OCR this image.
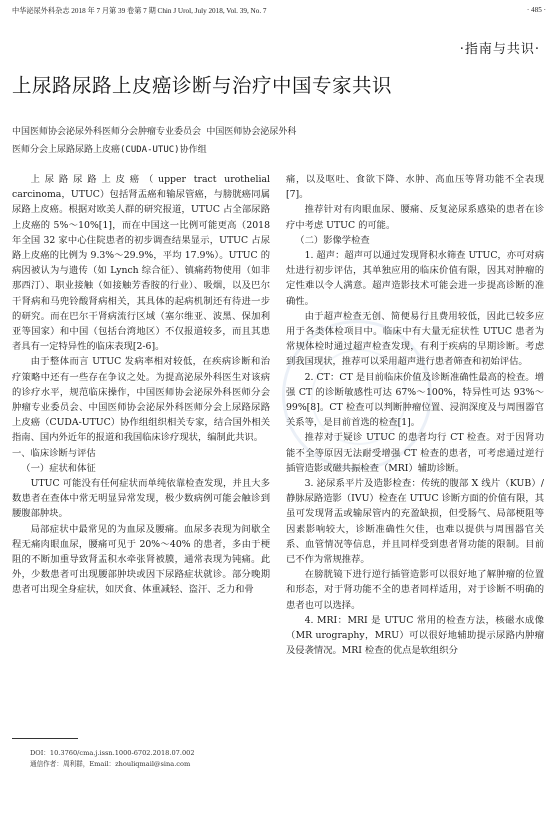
中华泌尿外科杂志 2018 年 7 月第 39 卷第 7 期 Chin J Urol, July 2018, Vol. 39, No. 7	· 485 ·
·指南与共识·
上尿路尿路上皮癌诊断与治疗中国专家共识
中国医师协会泌尿外科医师分会肿瘤专业委员会 中国医师协会泌尿外科
医师分会上尿路尿路上皮癌(CUDA-UTUC)协作组

上尿路尿路上皮癌（upper tract urothelial carcinoma，UTUC）包括肾盂癌和输尿管癌，与膀胱癌同属尿路上皮癌。根据对欧美人群的研究报道，UTUC 占全部尿路上皮癌的 5%～10%[1]，而在中国这一比例可能更高（2018 年全国 32 家中心住院患者的初步调查结果显示，UTUC 占尿路上皮癌的比例为 9.3%～29.9%，平均 17.9%）。UTUC 的病因被认为与遗传（如 Lynch 综合征）、镇痛药物使用（如非那西汀）、职业接触（如接触芳香胺的行业）、吸烟，以及巴尔干肾病和马兜铃酸肾病相关，其具体的起病机制还有待进一步的研究。而在巴尔干肾病流行区域（塞尔维亚、波黑、保加利亚等国家）和中国（包括台湾地区）不仅报道较多，而且其患者具有一定特异性的临床表现[2-6]。

由于整体而言 UTUC 发病率相对较低，在疾病诊断和治疗策略中还有一些存在争议之处。为提高泌尿外科医生对该病的诊疗水平，规范临床操作，中国医师协会泌尿外科医师分会肿瘤专业委员会、中国医师协会泌尿外科医师分会上尿路尿路上皮癌（CUDA-UTUC）协作组组织相关专家，结合国外相关指南、国内外近年的报道和我国临床诊疗现状，编制此共识。

一、临床诊断与评估

（一）症状和体征

UTUC 可能没有任何症状而单纯依靠检查发现，并且大多数患者在查体中常无明显异常发现，极少数病例可能会触诊到腰腹部肿块。

局部症状中最常见的为血尿及腰痛。血尿多表现为间歇全程无痛肉眼血尿，腰痛可见于 20%～40% 的患者，多由于梗阻的不断加重导致肾盂积水牵张肾被膜，通常表现为钝痛。此外，少数患者可出现腰部肿块或因下尿路症状就诊。部分晚期患者可出现全身症状，如厌食、体重减轻、盗汗、乏力和骨

痛，以及呕吐、食欲下降、水肿、高血压等肾功能不全表现[7]。

推荐针对有肉眼血尿、腰痛、反复泌尿系感染的患者在诊疗中考虑 UTUC 的可能。

（二）影像学检查

1. 超声：超声可以通过发现肾积水筛查 UTUC，亦可对病灶进行初步评估，其单独应用的临床价值有限，因其对肿瘤的定性难以令人满意。超声造影技术可能会进一步提高诊断的准确性。

由于超声检查无创、简便易行且费用较低，因此已较多应用于各类体检项目中。临床中有大量无症状性 UTUC 患者为常规体检时通过超声检查发现，有利于疾病的早期诊断。考虑到我国现状，推荐可以采用超声进行患者筛查和初始评估。

2. CT：CT 是目前临床价值及诊断准确性最高的检查。增强 CT 的诊断敏感性可达 67%～100%，特异性可达 93%～99%[8]。CT 检查可以判断肿瘤位置、浸润深度及与周围器官关系等，是目前首选的检查[1]。

推荐对于疑诊 UTUC 的患者均行 CT 检查。对于因肾功能不全等原因无法耐受增强 CT 检查的患者，可考虑通过逆行插管造影或磁共振检查（MRI）辅助诊断。

3. 泌尿系平片及造影检查：传统的腹部 X 线片（KUB）/静脉尿路造影（IVU）检查在 UTUC 诊断方面的价值有限，其虽可发现肾盂或输尿管内的充盈缺损，但受肠气、局部梗阻等因素影响较大，诊断准确性欠佳，也难以提供与周围器官关系、血管情况等信息，并且同样受到患者肾功能的限制。目前已不作为常规推荐。

在膀胱镜下进行逆行插管造影可以很好地了解肿瘤的位置和形态，对于肾功能不全的患者同样适用，对于诊断不明确的患者也可以选择。

4. MRI：MRI 是 UTUC 常用的检查方法，核磁水成像（MR urography，MRU）可以很好地辅助提示尿路内肿瘤及侵袭情况。MRI 检查的优点是软组织分

DOI：10.3760/cma.j.issn.1000-6702.2018.07.002
通信作者：周利群，Email：zhouliqmail@sina.com
